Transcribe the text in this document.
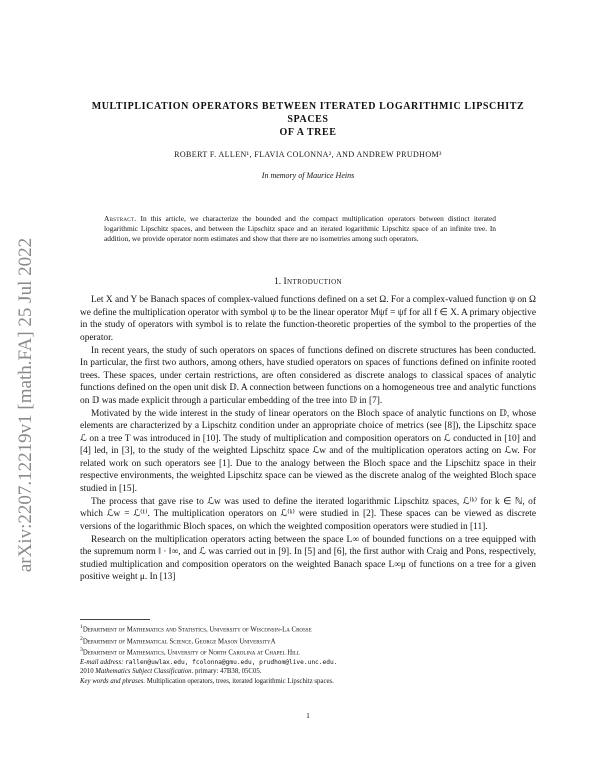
arXiv:2207.12219v1 [math.FA] 25 Jul 2022
MULTIPLICATION OPERATORS BETWEEN ITERATED LOGARITHMIC LIPSCHITZ SPACES
OF A TREE
ROBERT F. ALLEN¹, FLAVIA COLONNA², AND ANDREW PRUDHOM³
In memory of Maurice Heins
Abstract. In this article, we characterize the bounded and the compact multiplication operators between distinct iterated logarithmic Lipschitz spaces, and between the Lipschitz space and an iterated logarithmic Lipschitz space of an infinite tree. In addition, we provide operator norm estimates and show that there are no isometries among such operators.
1. Introduction

Let X and Y be Banach spaces of complex-valued functions defined on a set Ω. For a complex-valued function ψ on Ω we define the multiplication operator with symbol ψ to be the linear operator Mψf = ψf for all f ∈ X. A primary objective in the study of operators with symbol is to relate the function-theoretic properties of the symbol to the properties of the operator.

In recent years, the study of such operators on spaces of functions defined on discrete structures has been conducted. In particular, the first two authors, among others, have studied operators on spaces of functions defined on infinite rooted trees. These spaces, under certain restrictions, are often considered as discrete analogs to classical spaces of analytic functions defined on the open unit disk 𝔻. A connection between functions on a homogeneous tree and analytic functions on 𝔻 was made explicit through a particular embedding of the tree into 𝔻 in [7].

Motivated by the wide interest in the study of linear operators on the Bloch space of analytic functions on 𝔻, whose elements are characterized by a Lipschitz condition under an appropriate choice of metrics (see [8]), the Lipschitz space ℒ on a tree T was introduced in [10]. The study of multiplication and composition operators on ℒ conducted in [10] and [4] led, in [3], to the study of the weighted Lipschitz space ℒw and of the multiplication operators acting on ℒw. For related work on such operators see [1]. Due to the analogy between the Bloch space and the Lipschitz space in their respective environments, the weighted Lipschitz space can be viewed as the discrete analog of the weighted Bloch space studied in [15].

The process that gave rise to ℒw was used to define the iterated logarithmic Lipschitz spaces, ℒ⁽ᵏ⁾ for k ∈ ℕ, of which ℒw = ℒ⁽¹⁾. The multiplication operators on ℒ⁽ᵏ⁾ were studied in [2]. These spaces can be viewed as discrete versions of the logarithmic Bloch spaces, on which the weighted composition operators were studied in [11].

Research on the multiplication operators acting between the space L∞ of bounded functions on a tree equipped with the supremum norm ‖ · ‖∞, and ℒ was carried out in [9]. In [5] and [6], the first author with Craig and Pons, respectively, studied multiplication and composition operators on the weighted Banach space L∞μ of functions on a tree for a given positive weight μ. In [13]

$^1$Department of Mathematics and Statistics, University of Wisconsin-La Crosse
$^2$Department of Mathematical Science, George Mason UniversityA
$^3$Department of Mathematics, University of North Carolina at Chapel Hill
E-mail address: rallen@uwlax.edu, fcolonna@gmu.edu, prudhom@live.unc.edu.
2010 Mathematics Subject Classification. primary: 47B38, 05C05.
Key words and phrases. Multiplication operators, trees, iterated logarithmic Lipschitz spaces.
1
